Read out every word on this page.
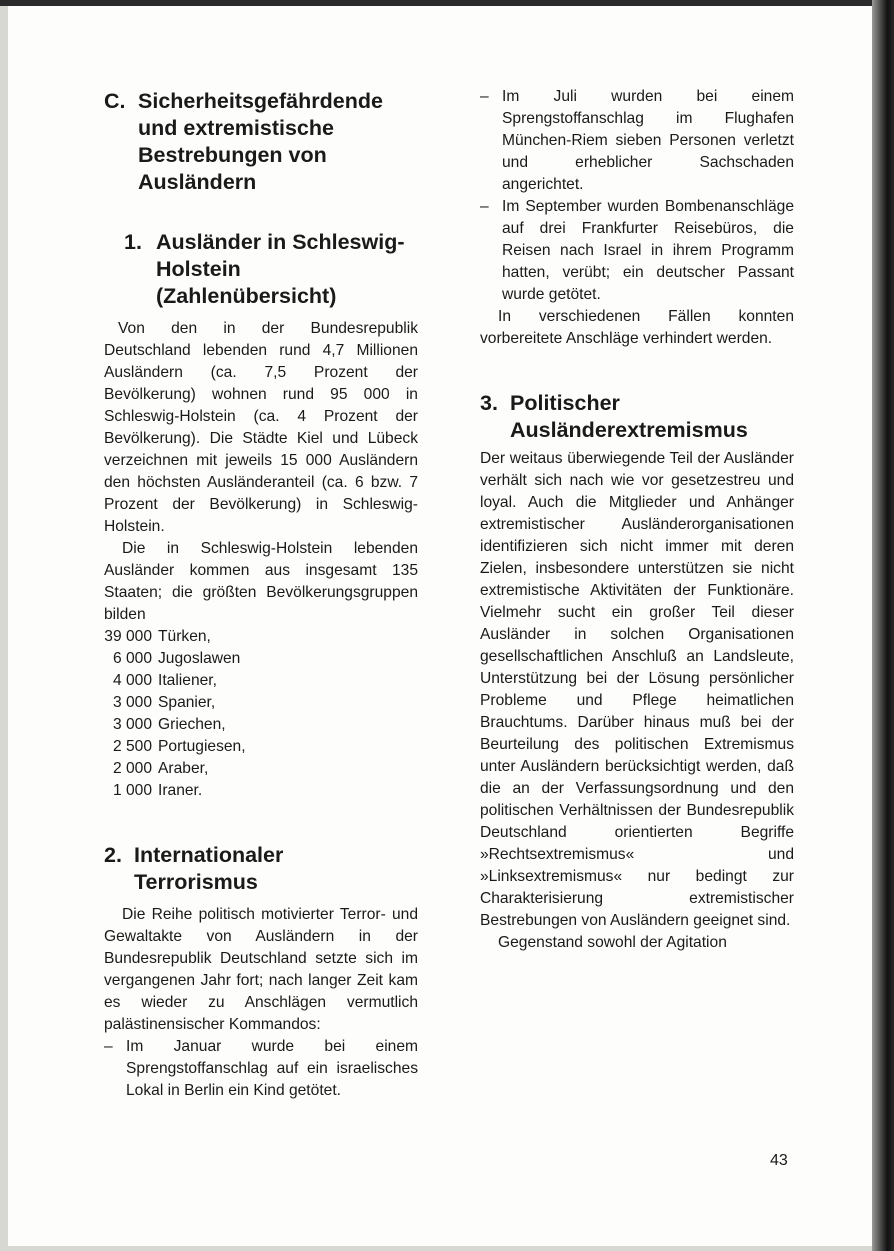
C. Sicherheitsgefährdende und extremistische Bestrebungen von Ausländern
1. Ausländer in Schleswig-Holstein (Zahlenübersicht)

Von den in der Bundesrepublik Deutschland lebenden rund 4,7 Millionen Ausländern (ca. 7,5 Prozent der Bevölkerung) wohnen rund 95 000 in Schleswig-Holstein (ca. 4 Prozent der Bevölkerung). Die Städte Kiel und Lübeck verzeichnen mit jeweils 15 000 Ausländern den höchsten Ausländeranteil (ca. 6 bzw. 7 Prozent der Bevölkerung) in Schleswig-Holstein.

Die in Schleswig-Holstein lebenden Ausländer kommen aus insgesamt 135 Staaten; die größten Bevölkerungsgruppen bilden

39 000 Türken,
6 000 Jugoslawen
4 000 Italiener,
3 000 Spanier,
3 000 Griechen,
2 500 Portugiesen,
2 000 Araber,
1 000 Iraner.
2. Internationaler Terrorismus

Die Reihe politisch motivierter Terror- und Gewaltakte von Ausländern in der Bundesrepublik Deutschland setzte sich im vergangenen Jahr fort; nach langer Zeit kam es wieder zu Anschlägen vermutlich palästinensischer Kommandos:

– Im Januar wurde bei einem Sprengstoffanschlag auf ein israelisches Lokal in Berlin ein Kind getötet.
– Im Juli wurden bei einem Sprengstoffanschlag im Flughafen München-Riem sieben Personen verletzt und erheblicher Sachschaden angerichtet.
– Im September wurden Bombenanschläge auf drei Frankfurter Reisebüros, die Reisen nach Israel in ihrem Programm hatten, verübt; ein deutscher Passant wurde getötet.

In verschiedenen Fällen konnten vorbereitete Anschläge verhindert werden.

3. Politischer Ausländerextremismus

Der weitaus überwiegende Teil der Ausländer verhält sich nach wie vor gesetzestreu und loyal. Auch die Mitglieder und Anhänger extremistischer Ausländerorganisationen identifizieren sich nicht immer mit deren Zielen, insbesondere unterstützen sie nicht extremistische Aktivitäten der Funktionäre. Vielmehr sucht ein großer Teil dieser Ausländer in solchen Organisationen gesellschaftlichen Anschluß an Landsleute, Unterstützung bei der Lösung persönlicher Probleme und Pflege heimatlichen Brauchtums. Darüber hinaus muß bei der Beurteilung des politischen Extremismus unter Ausländern berücksichtigt werden, daß die an der Verfassungsordnung und den politischen Verhältnissen der Bundesrepublik Deutschland orientierten Begriffe »Rechtsextremismus« und »Linksextremismus« nur bedingt zur Charakterisierung extremistischer Bestrebungen von Ausländern geeignet sind.

Gegenstand sowohl der Agitation

43
